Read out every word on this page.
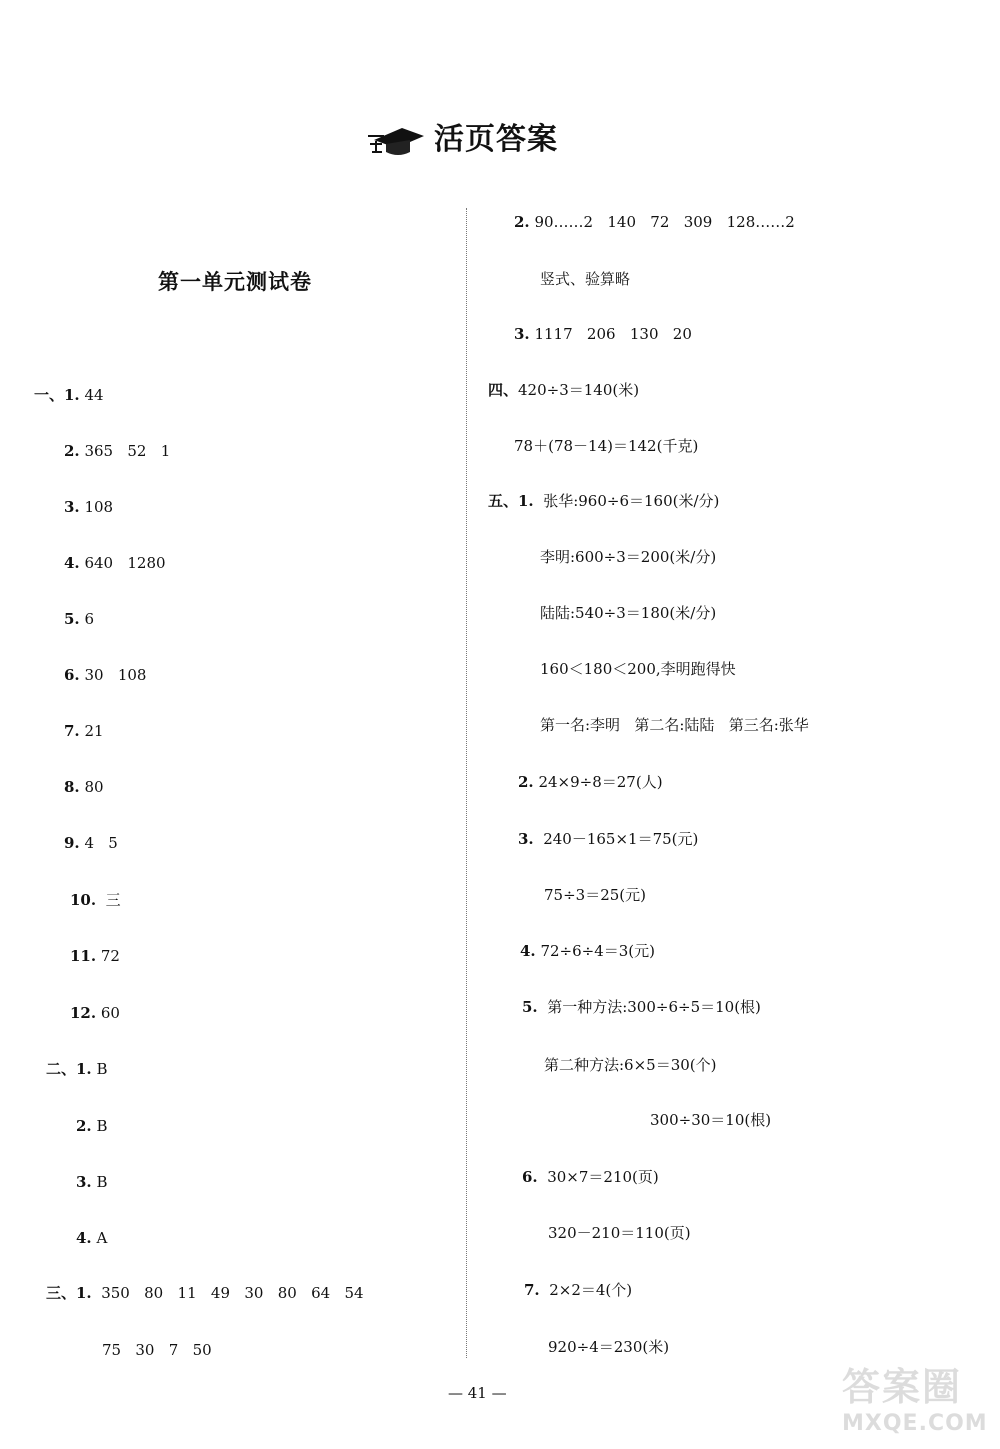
活页答案
第一单元测试卷
一、1. 44
2. 365   52   1
3. 108
4. 640   1280
5. 6
6. 30   108
7. 21
8. 80
9. 4   5
10.  三
11. 72
12. 60
二、1. B
2. B
3. B
4. A
三、1.  350   80   11   49   30   80   64   54
75   30   7   50
2. 90……2   140   72   309   128……2
竖式、验算略
3. 1117   206   130   20
四、420÷3＝140(米)
78＋(78－14)＝142(千克)
五、1.  张华:960÷6＝160(米/分)
李明:600÷3＝200(米/分)
陆陆:540÷3＝180(米/分)
160＜180＜200,李明跑得快
第一名:李明   第二名:陆陆   第三名:张华
2. 24×9÷8＝27(人)
3.  240－165×1＝75(元)
75÷3＝25(元)
4. 72÷6÷4＝3(元)
5.  第一种方法:300÷6÷5＝10(根)
第二种方法:6×5＝30(个)
300÷30＝10(根)
6.  30×7＝210(页)
320－210＝110(页)
7.  2×2＝4(个)
920÷4＝230(米)
— 41 —	答案圈
MXQE.COM
